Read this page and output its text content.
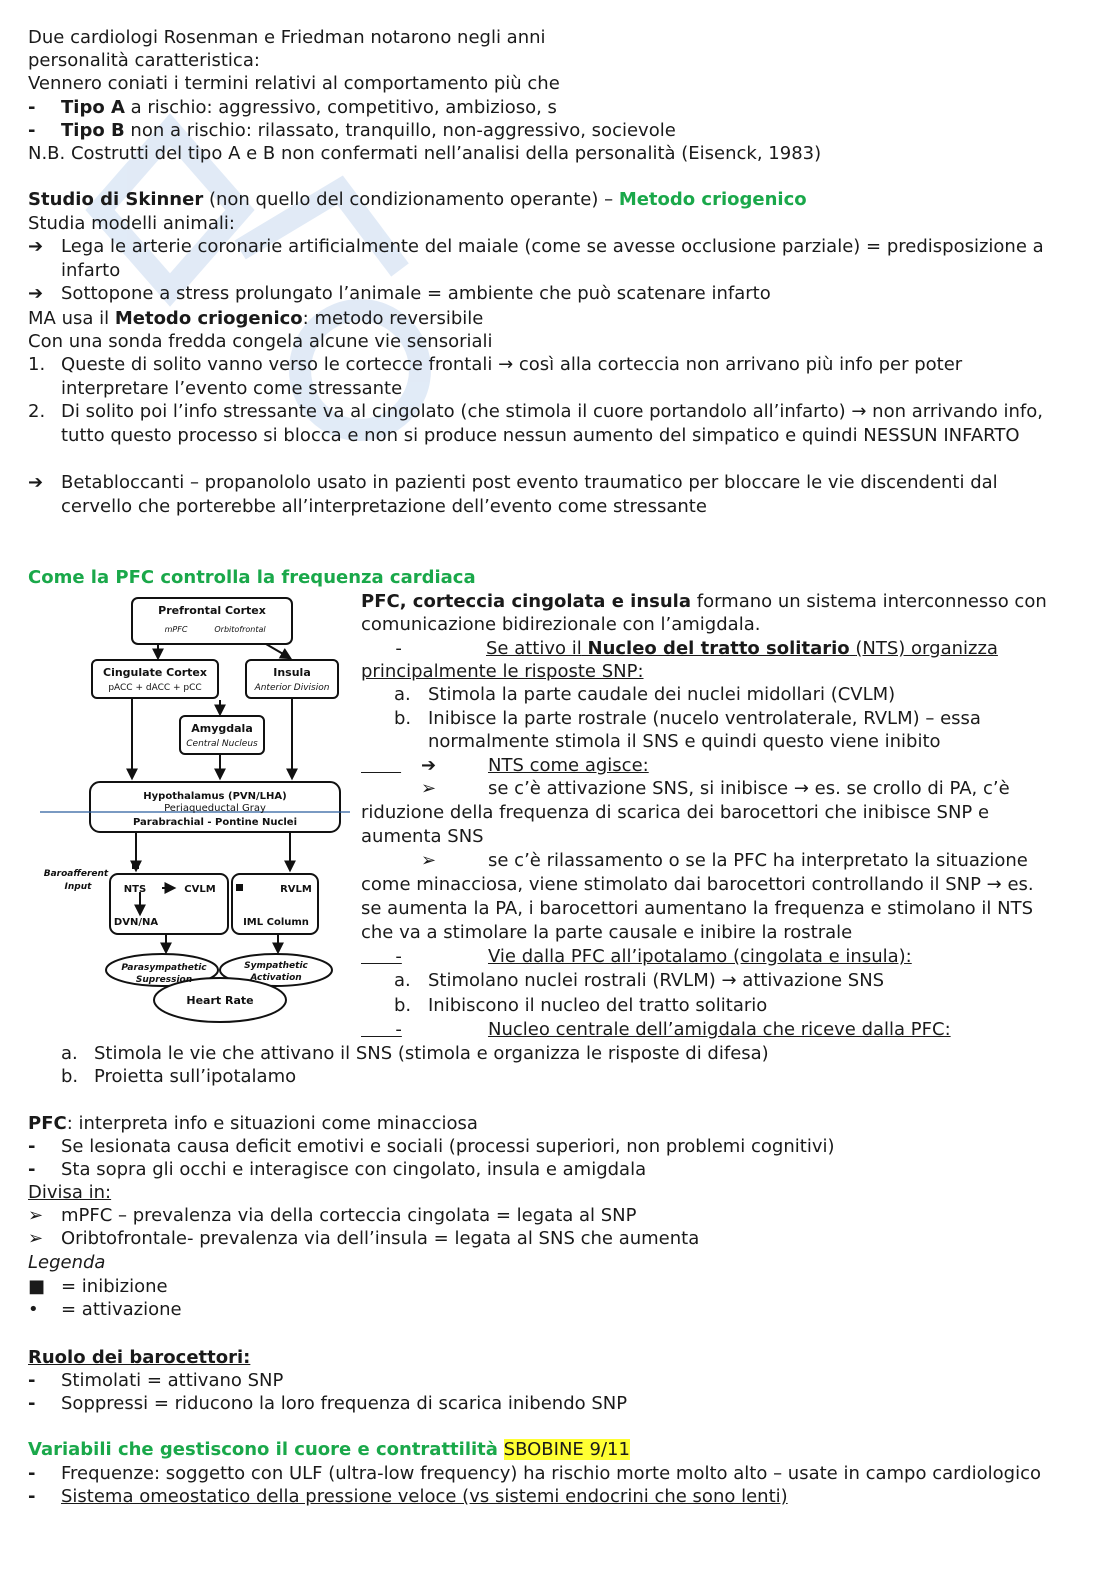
Due cardiologi Rosenman e Friedman notarono negli anni
personalità caratteristica:
Vennero coniati i termini relativi al comportamento più che
- Tipo A a rischio: aggressivo, competitivo, ambizioso, s
- Tipo B non a rischio: rilassato, tranquillo, non-aggressivo, socievole
N.B. Costrutti del tipo A e B non confermati nell’analisi della personalità (Eisenck, 1983)
Studio di Skinner (non quello del condizionamento operante) – Metodo criogenico
Studia modelli animali:
➔ Lega le arterie coronarie artificialmente del maiale (come se avesse occlusione parziale) = predisposizione a
infarto
➔ Sottopone a stress prolungato l’animale = ambiente che può scatenare infarto
MA usa il Metodo criogenico: metodo reversibile
Con una sonda fredda congela alcune vie sensoriali
1. Queste di solito vanno verso le cortecce frontali → così alla corteccia non arrivano più info per poter
interpretare l’evento come stressante
2. Di solito poi l’info stressante va al cingolato (che stimola il cuore portandolo all’infarto) → non arrivando info,
tutto questo processo si blocca e non si produce nessun aumento del simpatico e quindi NESSUN INFARTO
➔ Betabloccanti – propanololo usato in pazienti post evento traumatico per bloccare le vie discendenti dal
cervello che porterebbe all’interpretazione dell’evento come stressante
Come la PFC controlla la frequenza cardiaca
Prefrontal Cortex
mPFC	Orbitofrontal
Cingulate Cortex
pACC + dACC + pCC
Insula
Anterior Division
Amygdala
Central Nucleus
Hypothalamus (PVN/LHA)
Periaqueductal Gray
Parabrachial - Pontine Nuclei
Baroafferent
Input	NTS	CVLM	RVLM
DVN/NA	IML Column
Parasympathetic
Supression
Sympathetic
Activation
Heart Rate
PFC, corteccia cingolata e insula formano un sistema interconnesso con
comunicazione bidirezionale con l’amigdala.
-	Se attivo il Nucleo del tratto solitario (NTS) organizza
principalmente le risposte SNP:
a. Stimola la parte caudale dei nuclei midollari (CVLM)
b. Inibisce la parte rostrale (nucelo ventrolaterale, RVLM) – essa
normalmente stimola il SNS e quindi questo viene inibito
➔	NTS come agisce:
➢	se c’è attivazione SNS, si inibisce → es. se crollo di PA, c’è
riduzione della frequenza di scarica dei barocettori che inibisce SNP e
aumenta SNS
➢	se c’è rilassamento o se la PFC ha interpretato la situazione
come minacciosa, viene stimolato dai barocettori controllando il SNP → es.
se aumenta la PA, i barocettori aumentano la frequenza e stimolano il NTS
che va a stimolare la parte causale e inibire la rostrale
-	Vie dalla PFC all’ipotalamo (cingolata e insula):
a. Stimolano nuclei rostrali (RVLM) → attivazione SNS
b. Inibiscono il nucleo del tratto solitario
-	Nucleo centrale dell’amigdala che riceve dalla PFC:
a. Stimola le vie che attivano il SNS (stimola e organizza le risposte di difesa)
b. Proietta sull’ipotalamo
PFC: interpreta info e situazioni come minacciosa
- Se lesionata causa deficit emotivi e sociali (processi superiori, non problemi cognitivi)
- Sta sopra gli occhi e interagisce con cingolato, insula e amigdala
Divisa in:
➢ mPFC – prevalenza via della corteccia cingolata = legata al SNP
➢ Oribtofrontale- prevalenza via dell’insula = legata al SNS che aumenta
Legenda
■ = inibizione
• = attivazione
Ruolo dei barocettori:
- Stimolati = attivano SNP
- Soppressi = riducono la loro frequenza di scarica inibendo SNP
Variabili che gestiscono il cuore e contrattilità SBOBINE 9/11
- Frequenze: soggetto con ULF (ultra-low frequency) ha rischio morte molto alto – usate in campo cardiologico
- Sistema omeostatico della pressione veloce (vs sistemi endocrini che sono lenti)
